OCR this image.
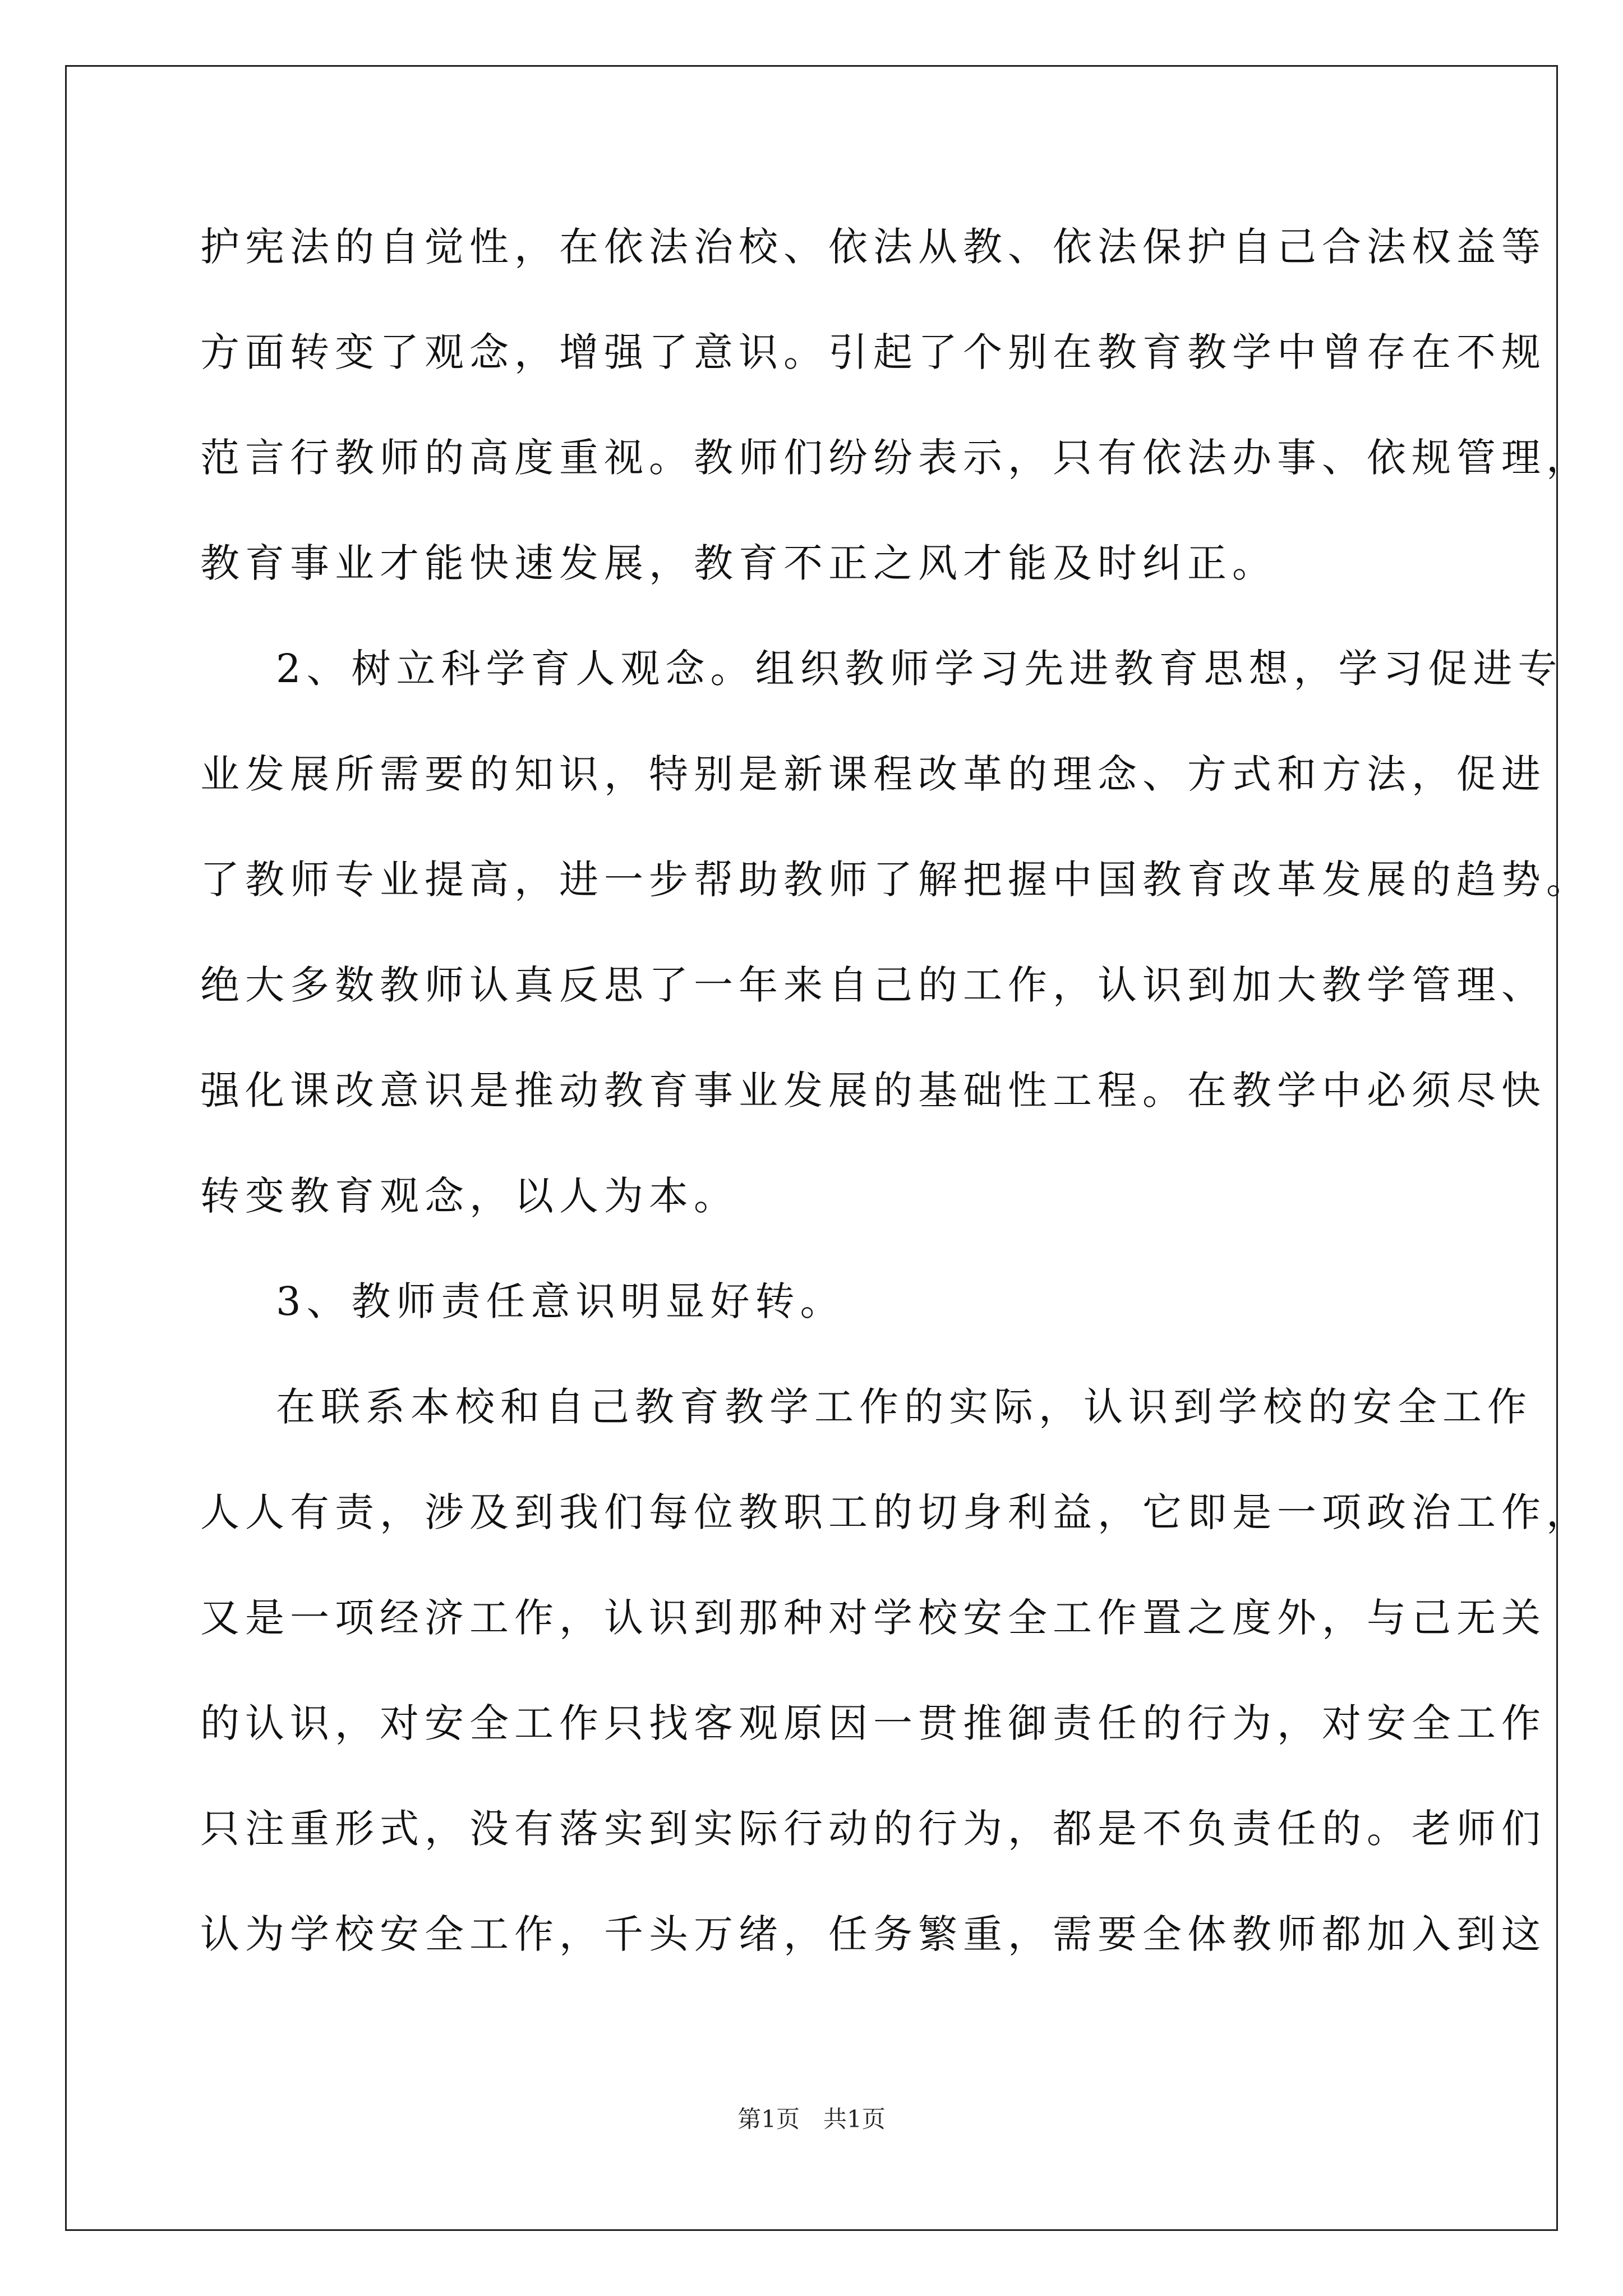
护宪法的自觉性，在依法治校、依法从教、依法保护自己合法权益等
方面转变了观念，增强了意识。引起了个别在教育教学中曾存在不规
范言行教师的高度重视。教师们纷纷表示，只有依法办事、依规管理，
教育事业才能快速发展，教育不正之风才能及时纠正。
2、树立科学育人观念。组织教师学习先进教育思想，学习促进专
业发展所需要的知识，特别是新课程改革的理念、方式和方法，促进
了教师专业提高，进一步帮助教师了解把握中国教育改革发展的趋势。
绝大多数教师认真反思了一年来自己的工作，认识到加大教学管理、
强化课改意识是推动教育事业发展的基础性工程。在教学中必须尽快
转变教育观念，以人为本。
3、教师责任意识明显好转。
在联系本校和自己教育教学工作的实际，认识到学校的安全工作
人人有责，涉及到我们每位教职工的切身利益，它即是一项政治工作，
又是一项经济工作，认识到那种对学校安全工作置之度外，与己无关
的认识，对安全工作只找客观原因一贯推御责任的行为，对安全工作
只注重形式，没有落实到实际行动的行为，都是不负责任的。老师们
认为学校安全工作，千头万绪，任务繁重，需要全体教师都加入到这
第1页　共1页
